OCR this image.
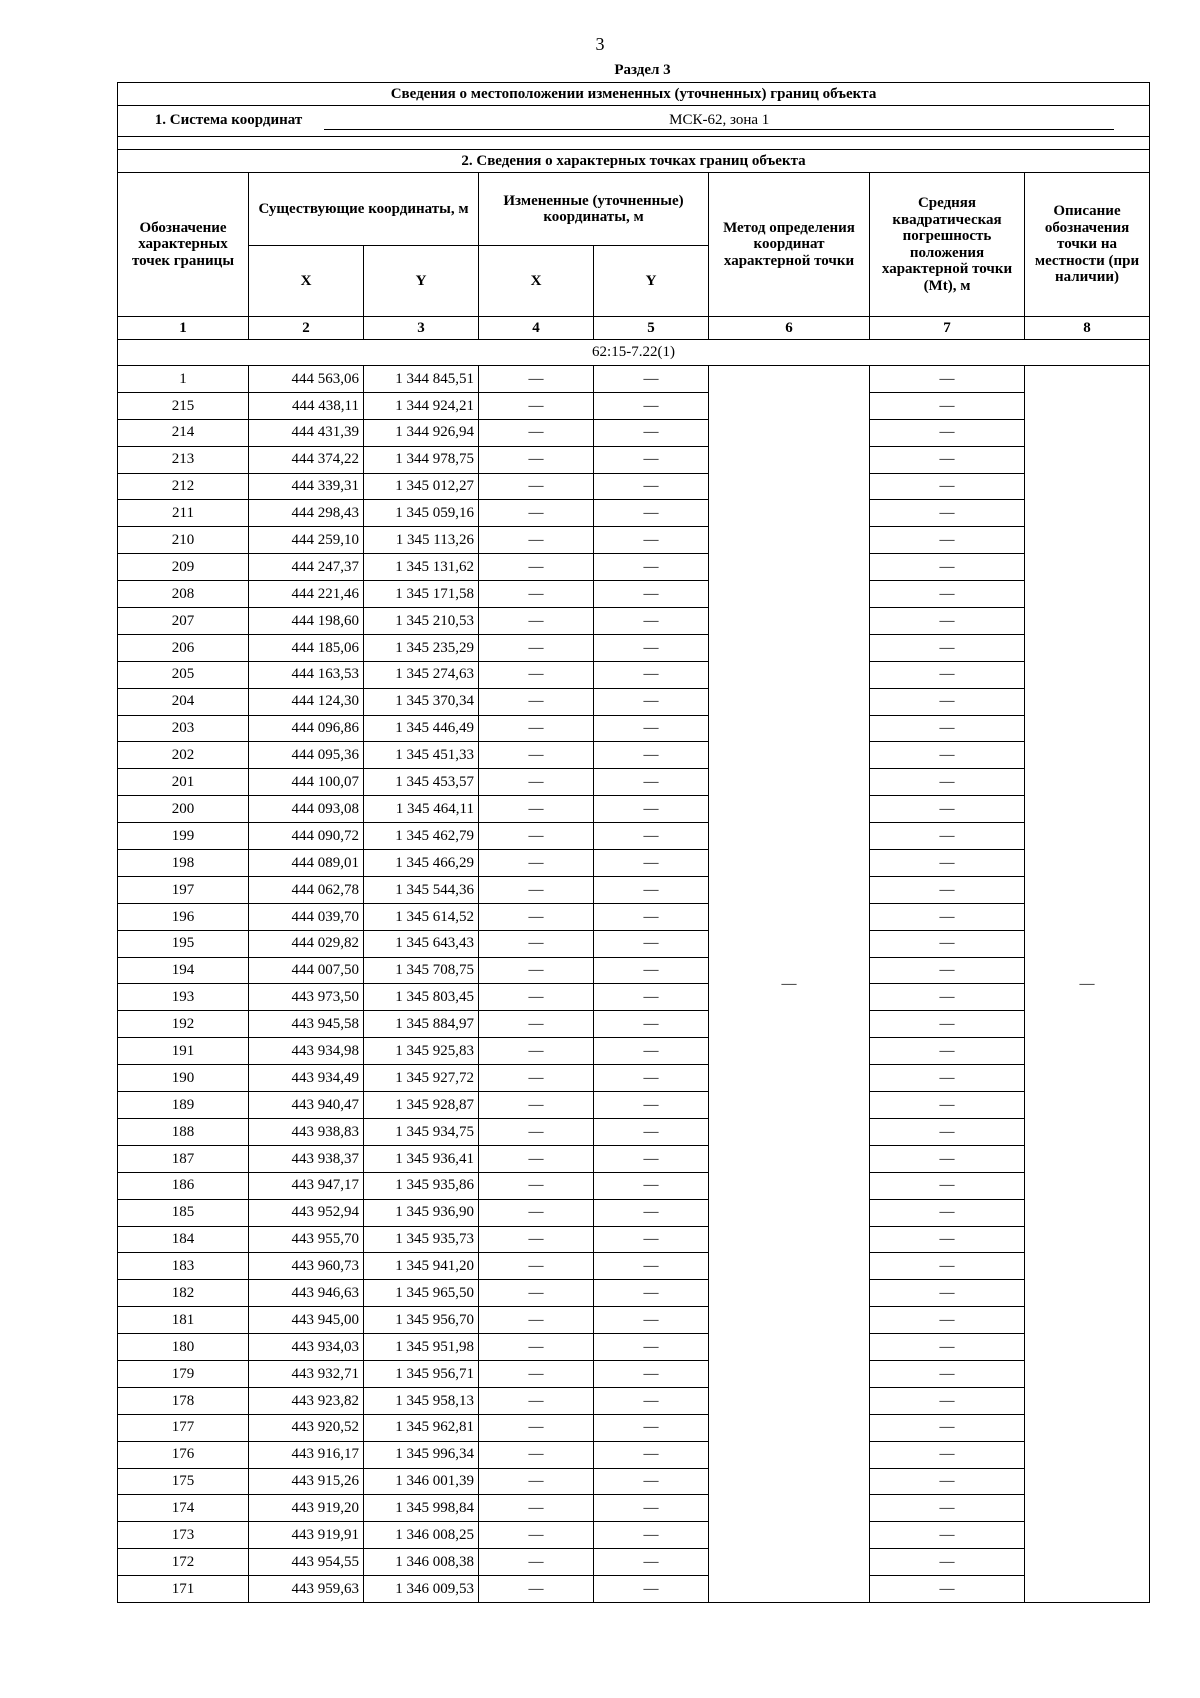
3
Раздел 3
Сведения о местоположении измененных (уточненных) границ объекта							
1. Система координат МСК-62, зона 1							

2. Сведения о характерных точках границ объекта							
Обозначение характерных точек границы	Существующие координаты, м		Измененные (уточненные) координаты, м		Метод определения координат характерной точки	Средняя квадратическая погрешность положения характерной точки (Mt), м	Описание обозначения точки на местности (при наличии)
	X	Y	X	Y			
1	2	3	4	5	6	7	8
62:15-7.22(1)							
1	444 563,06	1 344 845,51	—	—	—	—	—
215	444 438,11	1 344 924,21	—	—		—	
214	444 431,39	1 344 926,94	—	—		—	
213	444 374,22	1 344 978,75	—	—		—	
212	444 339,31	1 345 012,27	—	—		—	
211	444 298,43	1 345 059,16	—	—		—	
210	444 259,10	1 345 113,26	—	—		—	
209	444 247,37	1 345 131,62	—	—		—	
208	444 221,46	1 345 171,58	—	—		—	
207	444 198,60	1 345 210,53	—	—		—	
206	444 185,06	1 345 235,29	—	—		—	
205	444 163,53	1 345 274,63	—	—		—	
204	444 124,30	1 345 370,34	—	—		—	
203	444 096,86	1 345 446,49	—	—		—	
202	444 095,36	1 345 451,33	—	—		—	
201	444 100,07	1 345 453,57	—	—		—	
200	444 093,08	1 345 464,11	—	—		—	
199	444 090,72	1 345 462,79	—	—		—	
198	444 089,01	1 345 466,29	—	—		—	
197	444 062,78	1 345 544,36	—	—		—	
196	444 039,70	1 345 614,52	—	—		—	
195	444 029,82	1 345 643,43	—	—		—	
194	444 007,50	1 345 708,75	—	—		—	
193	443 973,50	1 345 803,45	—	—		—	
192	443 945,58	1 345 884,97	—	—		—	
191	443 934,98	1 345 925,83	—	—		—	
190	443 934,49	1 345 927,72	—	—		—	
189	443 940,47	1 345 928,87	—	—		—	
188	443 938,83	1 345 934,75	—	—		—	
187	443 938,37	1 345 936,41	—	—		—	
186	443 947,17	1 345 935,86	—	—		—	
185	443 952,94	1 345 936,90	—	—		—	
184	443 955,70	1 345 935,73	—	—		—	
183	443 960,73	1 345 941,20	—	—		—	
182	443 946,63	1 345 965,50	—	—		—	
181	443 945,00	1 345 956,70	—	—		—	
180	443 934,03	1 345 951,98	—	—		—	
179	443 932,71	1 345 956,71	—	—		—	
178	443 923,82	1 345 958,13	—	—		—	
177	443 920,52	1 345 962,81	—	—		—	
176	443 916,17	1 345 996,34	—	—		—	
175	443 915,26	1 346 001,39	—	—		—	
174	443 919,20	1 345 998,84	—	—		—	
173	443 919,91	1 346 008,25	—	—		—	
172	443 954,55	1 346 008,38	—	—		—	
171	443 959,63	1 346 009,53	—	—		—	
